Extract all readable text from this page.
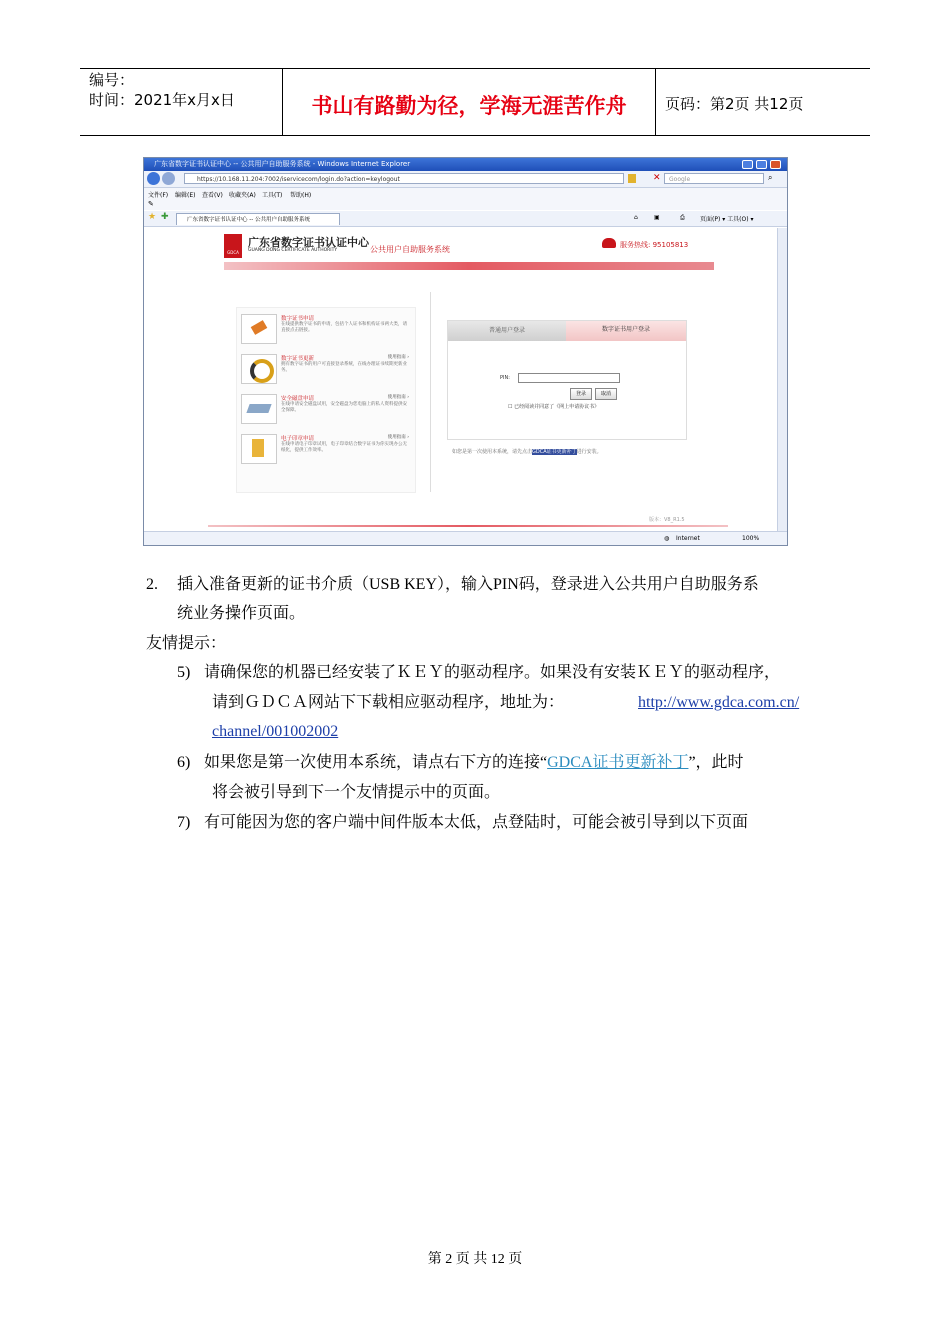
编号：
时间：2021年x月x日	书山有路勤为径，学海无涯苦作舟	页码：第2页 共12页
广东省数字证书认证中心 -- 公共用户自助服务系统 - Windows Internet Explorer
https://10.168.11.204:7002/iservicecom/login.do?action=keylogout	✕	Google	⌕
文件(F) 编辑(E) 查看(V) 收藏夹(A) 工具(T) 帮助(H)
✎
★ ✚	广东省数字证书认证中心 -- 公共用户自助服务系统	⌂	▣	⎙	页面(P) ▾ 工具(O) ▾
GDCA
广东省数字证书认证中心
GUANG DONG CERTIFICATE AUTHORITY	公共用户自助服务系统	服务热线: 95105813
数字证书申请
在线提供数字证书的申请，包括个人证书和机构证书两大类，请直接点击链接。
数字证书更新	使用指南 ›
拥有数字证书的用户可直接登录系统，在线办理证书续期更新业务。
安全磁盘申请	使用指南 ›
在线申请安全磁盘试用，安全磁盘为您电脑上的私人资料提供安全保障。
电子印章申请	使用指南 ›
在线申请电子印章试用，电子印章结合数字证书为你实现办公无纸化，提供工作效率。
普通用户登录	数字证书用户登录
PIN:
登录	取消
☐ 已经阅读并同意了《网上申请协议书》
如您是第一次使用本系统，请先点击GDCA证书更新补丁进行安装。
版本：V8_R1.5
◍ Internet	100%
2. 插入准备更新的证书介质（USB KEY），输入PIN码，登录进入公共用户自助服务系
统业务操作页面。
友情提示：
5) 请确保您的机器已经安装了ＫＥＹ的驱动程序。如果没有安装ＫＥＹ的驱动程序，
请到ＧＤＣＡ网站下下载相应驱动程序，地址为：	http://www.gdca.com.cn/
channel/001002002
6) 如果您是第一次使用本系统，请点右下方的连接“GDCA证书更新补丁”，此时
将会被引导到下一个友情提示中的页面。
7) 有可能因为您的客户端中间件版本太低，点登陆时，可能会被引导到以下页面
第 2 页 共 12 页
